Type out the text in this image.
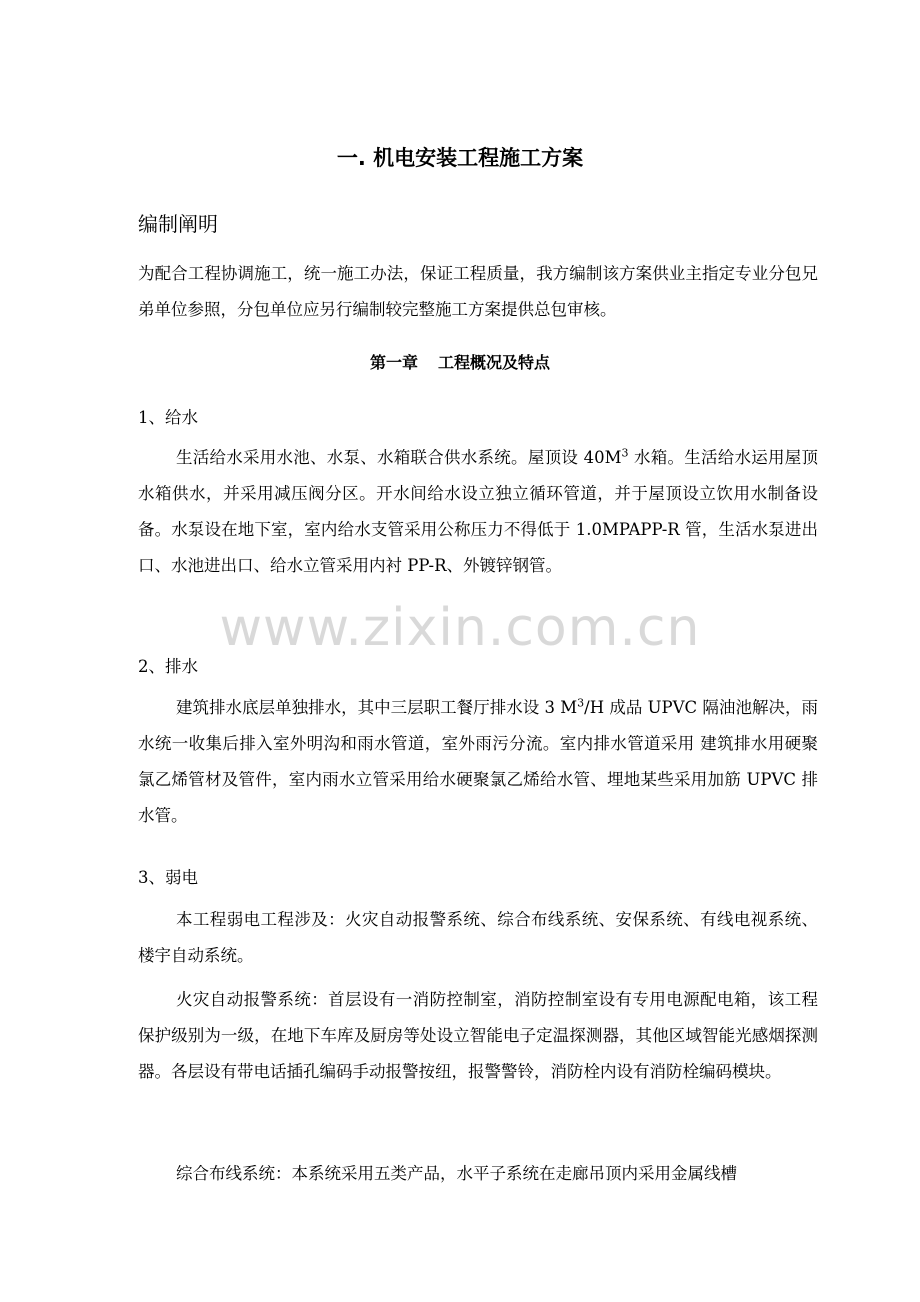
www.zixin.com.cn
一. 机电安装工程施工方案
编制阐明

为配合工程协调施工，统一施工办法，保证工程质量，我方编制该方案供业主指定专业分包兄弟单位参照，分包单位应另行编制较完整施工方案提供总包审核。

第一章 工程概况及特点
1、给水

生活给水采用水池、水泵、水箱联合供水系统。屋顶设 $40M^3$ 水箱。生活给水运用屋顶水箱供水，并采用减压阀分区。开水间给水设立独立循环管道，并于屋顶设立饮用水制备设备。水泵设在地下室，室内给水支管采用公称压力不得低于 1.0MPAPP-R 管，生活水泵进出口、水池进出口、给水立管采用内衬 PP-R、外镀锌钢管。

2、排水

建筑排水底层单独排水，其中三层职工餐厅排水设 3 $M^3/H$ 成品 UPVC 隔油池解决，雨水统一收集后排入室外明沟和雨水管道，室外雨污分流。室内排水管道采用 建筑排水用硬聚氯乙烯管材及管件，室内雨水立管采用给水硬聚氯乙烯给水管、埋地某些采用加筋 UPVC 排水管。

3、弱电

本工程弱电工程涉及：火灾自动报警系统、综合布线系统、安保系统、有线电视系统、楼宇自动系统。

火灾自动报警系统：首层设有一消防控制室，消防控制室设有专用电源配电箱，该工程保护级别为一级，在地下车库及厨房等处设立智能电子定温探测器，其他区域智能光感烟探测器。各层设有带电话插孔编码手动报警按纽，报警警铃，消防栓内设有消防栓编码模块。

综合布线系统：本系统采用五类产品，水平子系统在走廊吊顶内采用金属线槽
